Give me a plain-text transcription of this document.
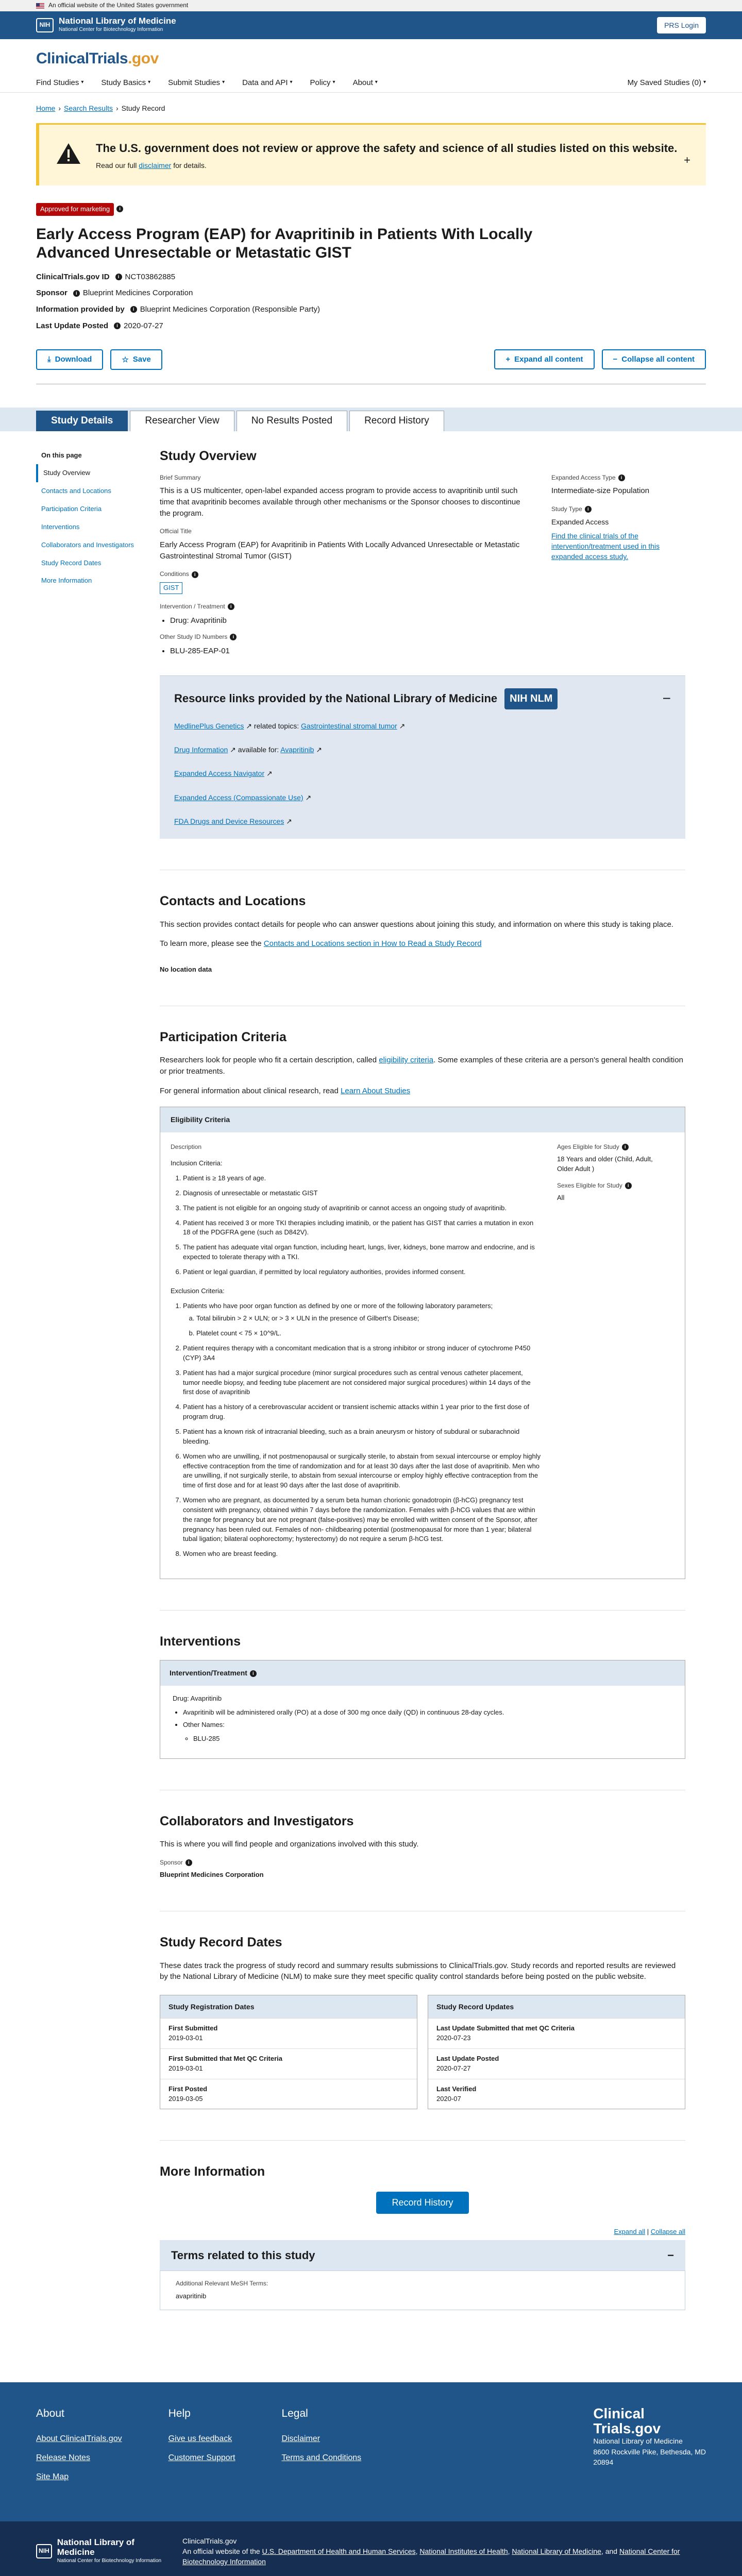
An official website of the United States government
NIH National Library of Medicine
National Center for Biotechnology Information
PRS Login
ClinicalTrials.gov
Find Studies ▾ Study Basics ▾ Submit Studies ▾ Data and API ▾ Policy ▾ About ▾	My Saved Studies (0) ▾
Home › Search Results › Study Record
The U.S. government does not review or approve the safety and science of all studies listed on this website.

Read our full disclaimer for details.	+
Approved for marketing i
Early Access Program (EAP) for Avapritinib in Patients With Locally Advanced Unresectable or Metastatic GIST
ClinicalTrials.gov ID	i NCT03862885
Sponsor	i Blueprint Medicines Corporation
Information provided by	i Blueprint Medicines Corporation (Responsible Party)
Last Update Posted	i 2020-07-27
⤓ Download	☆ Save	+ Expand all content	− Collapse all content
Study Details	Researcher View	No Results Posted	Record History
On this page
Study Overview
Contacts and Locations
Participation Criteria
Interventions
Collaborators and Investigators
Study Record Dates
More Information
Study Overview
Brief Summary

This is a US multicenter, open-label expanded access program to provide access to avapritinib until such time that avapritinib becomes available through other mechanisms or the Sponsor chooses to discontinue the program.

Official Title

Early Access Program (EAP) for Avapritinib in Patients With Locally Advanced Unresectable or Metastatic Gastrointestinal Stromal Tumor (GIST)

Conditions i

GIST

Intervention / Treatment i
• Drug: Avapritinib
Other Study ID Numbers i
• BLU-285-EAP-01
Expanded Access Type i

Intermediate-size Population

Study Type i

Expanded Access

Find the clinical trials of the intervention/treatment used in this expanded access study.
Resource links provided by the National Library of Medicine	NIH NLM	−
MedlinePlus Genetics ↗ related topics: Gastrointestinal stromal tumor ↗
Drug Information ↗ available for: Avapritinib ↗
Expanded Access Navigator ↗
Expanded Access (Compassionate Use) ↗
FDA Drugs and Device Resources ↗
Contacts and Locations

This section provides contact details for people who can answer questions about joining this study, and information on where this study is taking place.

To learn more, please see the Contacts and Locations section in How to Read a Study Record

No location data

Participation Criteria

Researchers look for people who fit a certain description, called eligibility criteria. Some examples of these criteria are a person's general health condition or prior treatments.

For general information about clinical research, read Learn About Studies

Eligibility Criteria
Description

Inclusion Criteria:

1. Patient is ≥ 18 years of age.
2. Diagnosis of unresectable or metastatic GIST
3. The patient is not eligible for an ongoing study of avapritinib or cannot access an ongoing study of avapritinib.
4. Patient has received 3 or more TKI therapies including imatinib, or the patient has GIST that carries a mutation in exon 18 of the PDGFRA gene (such as D842V).
5. The patient has adequate vital organ function, including heart, lungs, liver, kidneys, bone marrow and endocrine, and is expected to tolerate therapy with a TKI.
6. Patient or legal guardian, if permitted by local regulatory authorities, provides informed consent.

Exclusion Criteria:

1. Patients who have poor organ function as defined by one or more of the following laboratory parameters;
a. Total bilirubin > 2 × ULN; or > 3 × ULN in the presence of Gilbert's Disease;
b. Platelet count < 75 × 10^9/L.
2. Patient requires therapy with a concomitant medication that is a strong inhibitor or strong inducer of cytochrome P450 (CYP) 3A4
3. Patient has had a major surgical procedure (minor surgical procedures such as central venous catheter placement, tumor needle biopsy, and feeding tube placement are not considered major surgical procedures) within 14 days of the first dose of avapritinib
4. Patient has a history of a cerebrovascular accident or transient ischemic attacks within 1 year prior to the first dose of program drug.
5. Patient has a known risk of intracranial bleeding, such as a brain aneurysm or history of subdural or subarachnoid bleeding.
6. Women who are unwilling, if not postmenopausal or surgically sterile, to abstain from sexual intercourse or employ highly effective contraception from the time of randomization and for at least 30 days after the last dose of avapritinib. Men who are unwilling, if not surgically sterile, to abstain from sexual intercourse or employ highly effective contraception from the time of first dose and for at least 90 days after the last dose of avapritinib.
7. Women who are pregnant, as documented by a serum beta human chorionic gonadotropin (β-hCG) pregnancy test consistent with pregnancy, obtained within 7 days before the randomization. Females with β-hCG values that are within the range for pregnancy but are not pregnant (false-positives) may be enrolled with written consent of the Sponsor, after pregnancy has been ruled out. Females of non- childbearing potential (postmenopausal for more than 1 year; bilateral tubal ligation; bilateral oophorectomy; hysterectomy) do not require a serum β-hCG test.
8. Women who are breast feeding.
Ages Eligible for Study i

18 Years and older (Child, Adult, Older Adult )

Sexes Eligible for Study i

All

Interventions
Intervention/Treatment i

Drug: Avapritinib

• Avapritinib will be administered orally (PO) at a dose of 300 mg once daily (QD) in continuous 28-day cycles.
• Other Names:
◦ BLU-285
Collaborators and Investigators

This is where you will find people and organizations involved with this study.

Sponsor i

Blueprint Medicines Corporation

Study Record Dates

These dates track the progress of study record and summary results submissions to ClinicalTrials.gov. Study records and reported results are reviewed by the National Library of Medicine (NLM) to make sure they meet specific quality control standards before being posted on the public website.

Study Registration Dates
First Submitted
2019-03-01
First Submitted that Met QC Criteria
2019-03-01
First Posted
2019-03-05
Study Record Updates
Last Update Submitted that met QC Criteria
2020-07-23
Last Update Posted
2020-07-27
Last Verified
2020-07
More Information
Record History
Expand all | Collapse all
Terms related to this study	−
Additional Relevant MeSH Terms:

avapritinib

About
About ClinicalTrials.gov
Release Notes
Site Map
Help
Give us feedback
Customer Support
Legal
Disclaimer
Terms and Conditions
Clinical
Trials.gov
National Library of Medicine
8600 Rockville Pike, Bethesda, MD
20894
NIH
National Library of Medicine
National Center for Biotechnology Information
ClinicalTrials.gov
An official website of the U.S. Department of Health and Human Services, National Institutes of Health, National Library of Medicine, and National Center for Biotechnology Information
